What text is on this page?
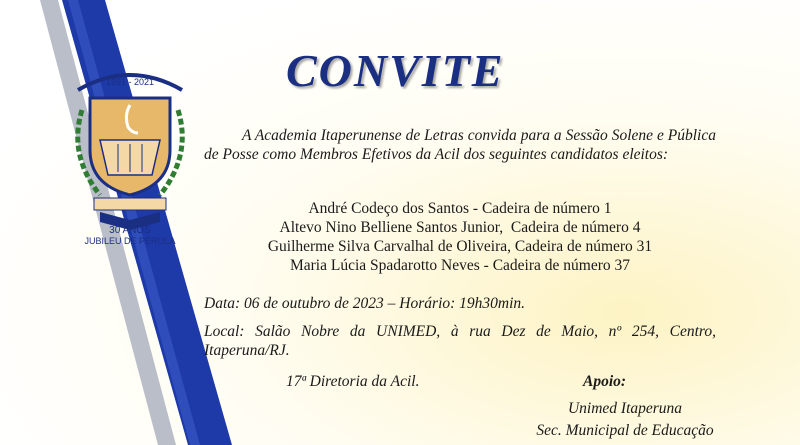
1991 - 2021
30 ANOS
JUBILEU DE PÉROLA
CONVITE
A Academia Itaperunense de Letras convida para a Sessão Solene e Pública de Posse como Membros Efetivos da Acil dos seguintes candidatos eleitos:
André Codeço dos Santos - Cadeira de número 1
Altevo Nino Belliene Santos Junior,  Cadeira de número 4
Guilherme Silva Carvalhal de Oliveira, Cadeira de número 31
Maria Lúcia Spadarotto Neves - Cadeira de número 37
Data: 06 de outubro de 2023 – Horário: 19h30min.
Local: Salão Nobre da UNIMED, à rua Dez de Maio, nº 254, Centro, Itaperuna/RJ.
17ª Diretoria da Acil.	Apoio:
Unimed Itaperuna
Sec. Municipal de Educação
